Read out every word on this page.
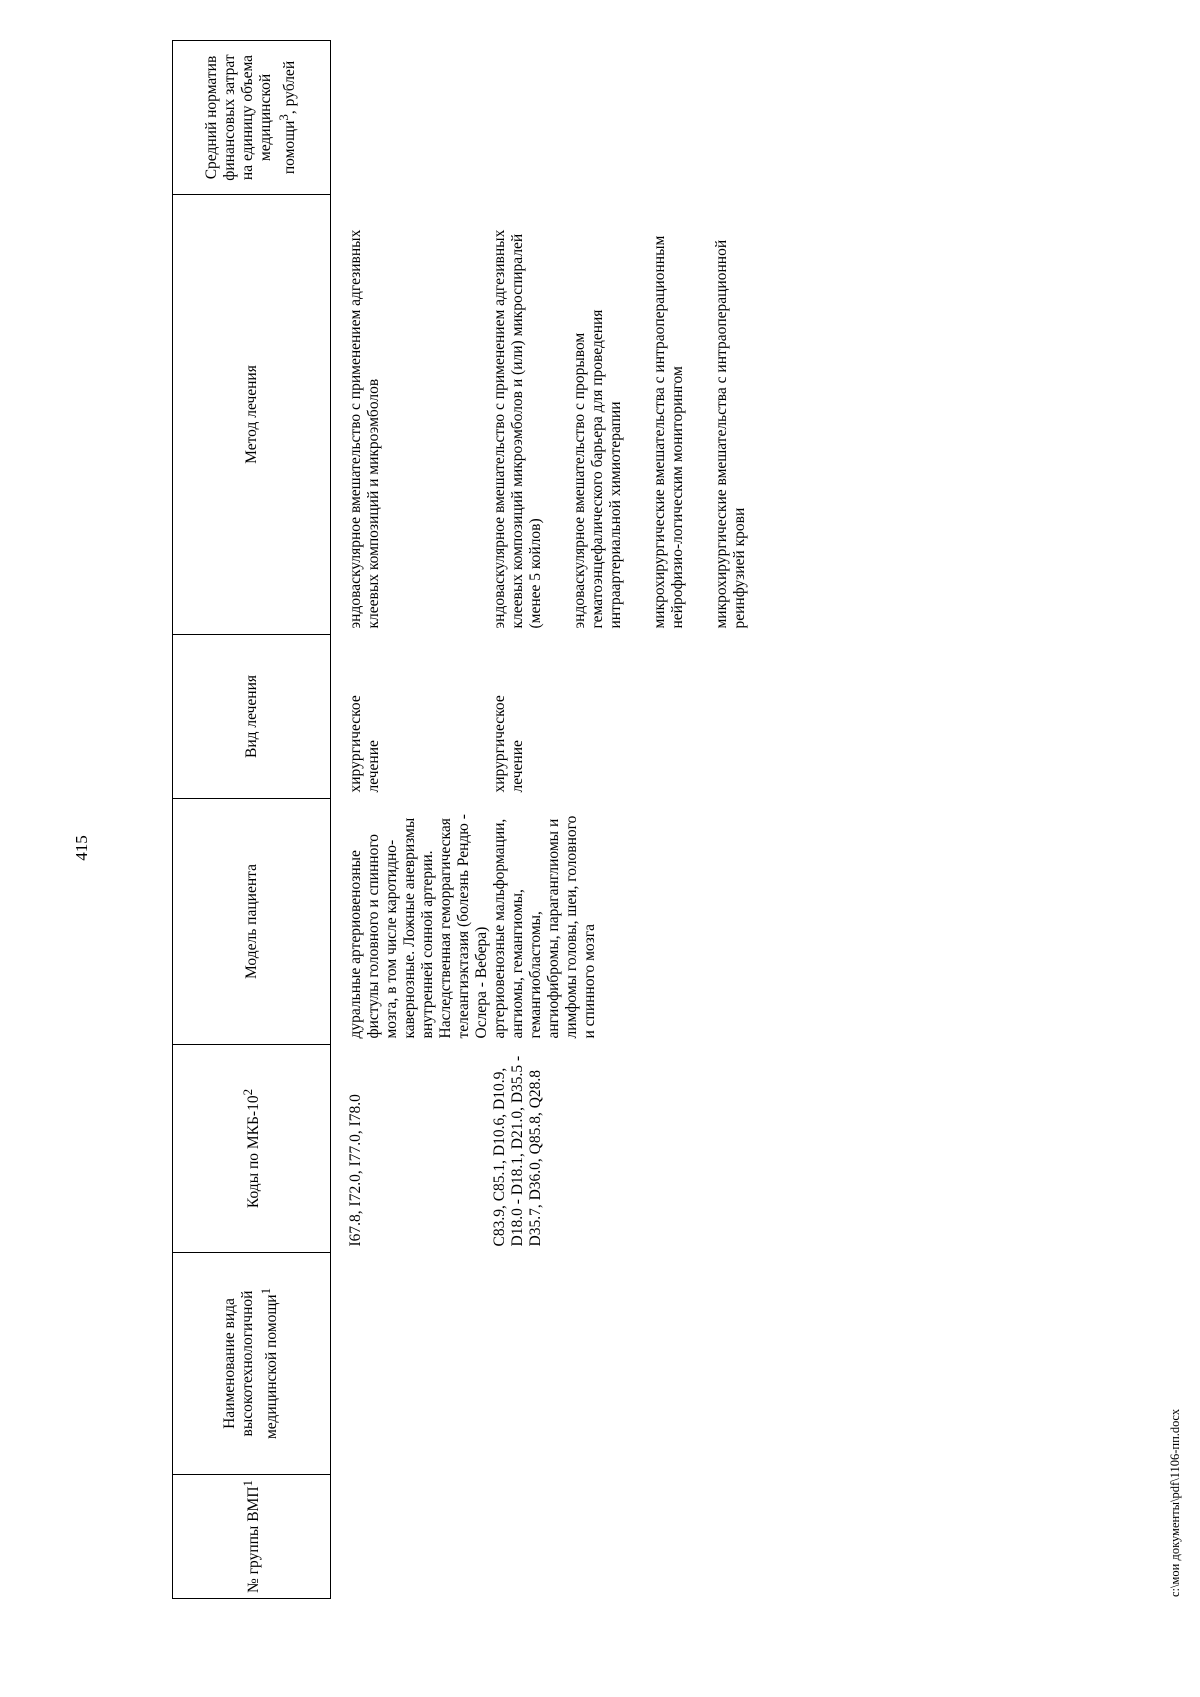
415
№ группы ВМП$^1$	Наименование вида высокотехнологичной медицинской помощи$^1$	Коды по МКБ-$10^2$	Модель пациента	Вид лечения	Метод лечения	Средний норматив финансовых затрат на единицу объема медицинской помощи$^3$, рублей
		I67.8, I72.0, I77.0, I78.0	дуральные артериовенозные фистулы головного и спинного мозга, в том числе каротидно-кавернозные. Ложные аневризмы внутренней сонной артерии. Наследственная геморрагическая телеангиэктазия (болезнь Рендю - Ослера - Вебера)	хирургическое лечение	эндоваскулярное вмешательство с применением адгезивных клеевых композиций и микроэмболов	

		C83.9, C85.1, D10.6, D10.9, D18.0 - D18.1, D21.0, D35.5 - D35.7, D36.0, Q85.8, Q28.8	артериовенозные мальформации, ангиомы, гемангиомы, гемангиобластомы, ангиофибромы, параганглиомы и лимфомы головы, шеи, головного и спинного мозга	хирургическое лечение	эндоваскулярное вмешательство с применением адгезивных клеевых композиций микроэмболов и (или) микроспиралей (менее 5 койлов) эндоваскулярное вмешательство с прорывом гематоэнцефалического барьера для проведения интраартериальной химиотерапии микрохирургические вмешательства с интраоперационным нейрофизио-логическим мониторингом микрохирургические вмешательства с интраоперационной реинфузией крови	

c:\мои документы\pdf\1106-пп.docx
